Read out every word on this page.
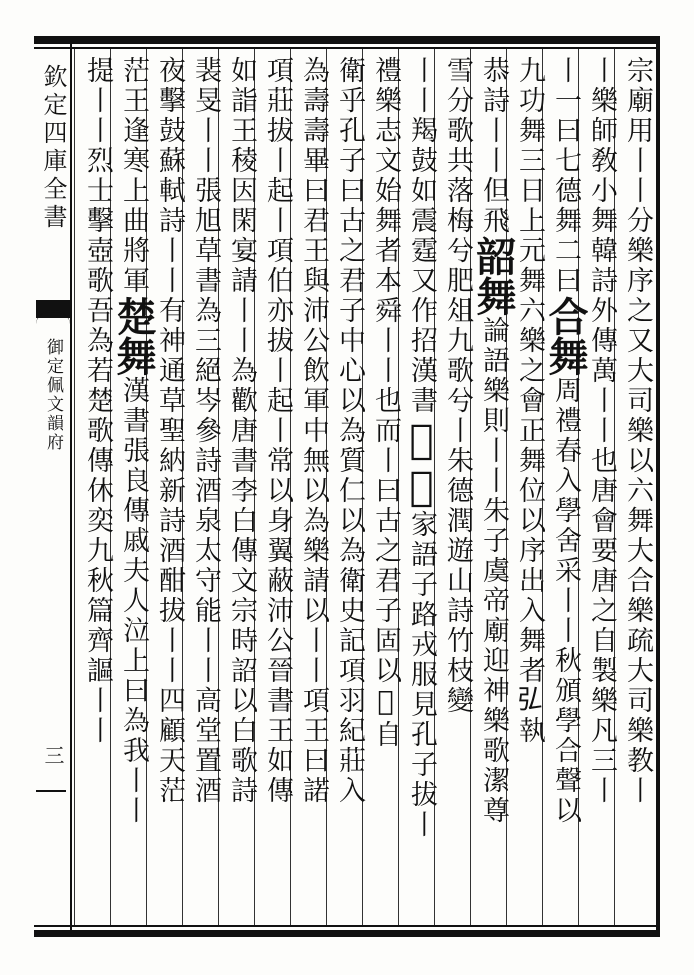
欽定四庫全書
御定佩文韻府
三	宗廟用丨丨分樂序之又大司樂以六舞大合樂疏大司樂教丨
丨樂師敎小舞韓詩外傳萬丨丨也唐會要唐之自製樂凡三丨
丨一曰七德舞二曰合舞周禮春入學舍采丨丨秋頒學合聲以
九功舞三日上元舞六樂之會正舞位以序出入舞者𢎞執
恭詩丨丨但飛韶舞論語樂則丨丨朱子虞帝廟迎神樂歌潔尊
雪分歌共落梅兮肥俎九歌兮丨朱德潤遊山詩竹枝變
丨丨羯鼓如震霆又作招漢書𠇆舞家語子路戎服見孔子拔丨
禮樂志文始舞者本舜丨丨也而丨曰古之君子固以𠇆自
衛乎孔子曰古之君子中心以為質仁以為衛史記項羽紀莊入
為壽壽畢曰君王與沛公飲軍中無以為樂請以丨丨項王曰諾
項莊拔丨起丨項伯亦拔丨起丨常以身翼蔽沛公晉書王如傳
如詣王稜因閑宴請丨丨為歡唐書李白傳文宗時詔以白歌詩
裴旻丨丨張旭草書為三絕岑參詩酒泉太守能丨丨高堂置酒
夜擊鼓蘇軾詩丨丨有神通草聖納新詩酒酣拔丨丨四顧天茫
茫王逢寒上曲將軍楚舞漢書張良傳戚夫人泣上曰為我丨丨
提丨丨烈士擊壺歌吾為若楚歌傳休奕九秋篇齊謳丨丨
